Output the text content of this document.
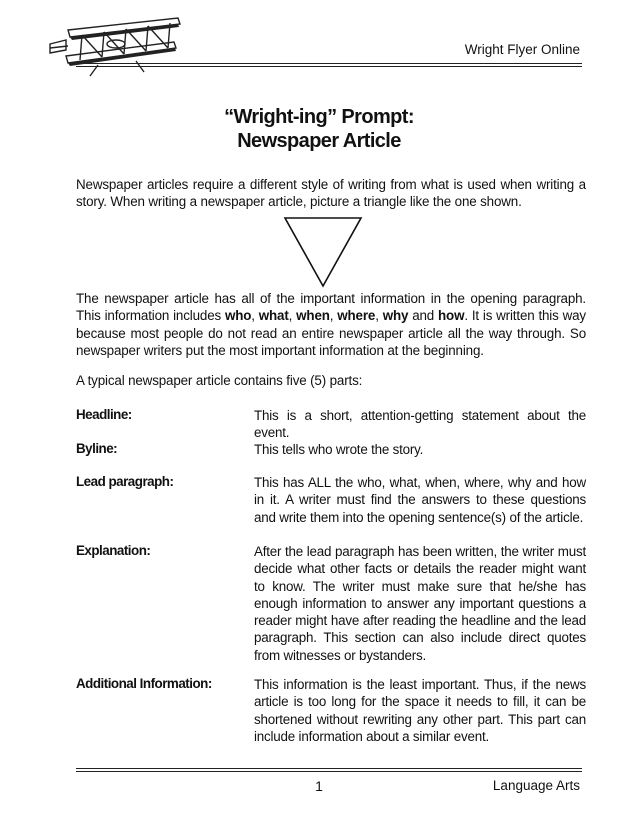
Wright Flyer Online
“Wright-ing” Prompt:
Newspaper Article
Newspaper articles require a different style of writing from what is used when writing a story. When writing a newspaper article, picture a triangle like the one shown.
The newspaper article has all of the important information in the opening paragraph. This information includes who, what, when, where, why and how. It is written this way because most people do not read an entire newspaper article all the way through. So newspaper writers put the most important information at the beginning.
A typical newspaper article contains five (5) parts:
Headline:	This is a short, attention-getting statement about the event.
Byline:	This tells who wrote the story.
Lead paragraph:	This has ALL the who, what, when, where, why and how in it. A writer must find the answers to these questions and write them into the opening sentence(s) of the article.
Explanation:	After the lead paragraph has been written, the writer must decide what other facts or details the reader might want to know. The writer must make sure that he/she has enough information to answer any important questions a reader might have after reading the headline and the lead paragraph. This section can also include direct quotes from witnesses or bystanders.
Additional Information:	This information is the least important. Thus, if the news article is too long for the space it needs to fill, it can be shortened without rewriting any other part. This part can include information about a similar event.
1	Language Arts
